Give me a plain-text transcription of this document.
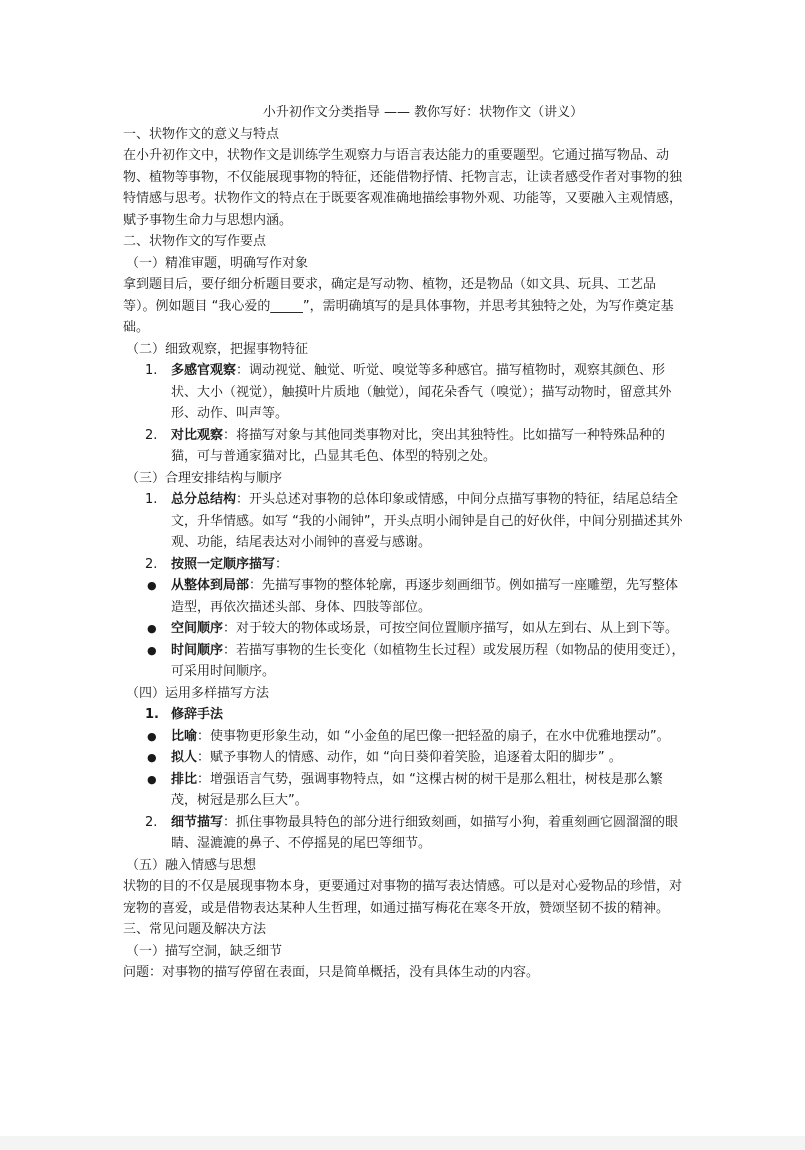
小升初作文分类指导 —— 教你写好：状物作文（讲义）

一、状物作文的意义与特点

在小升初作文中，状物作文是训练学生观察力与语言表达能力的重要题型。它通过描写物品、动物、植物等事物，不仅能展现事物的特征，还能借物抒情、托物言志，让读者感受作者对事物的独特情感与思考。状物作文的特点在于既要客观准确地描绘事物外观、功能等，又要融入主观情感，赋予事物生命力与思想内涵。

二、状物作文的写作要点

（一）精准审题，明确写作对象

拿到题目后，要仔细分析题目要求，确定是写动物、植物，还是物品（如文具、玩具、工艺品等）。例如题目 “我心爱的_____”，需明确填写的是具体事物，并思考其独特之处，为写作奠定基础。

（二）细致观察，把握事物特征

1. 多感官观察：调动视觉、触觉、听觉、嗅觉等多种感官。描写植物时，观察其颜色、形状、大小（视觉），触摸叶片质地（触觉），闻花朵香气（嗅觉）；描写动物时，留意其外形、动作、叫声等。
2. 对比观察：将描写对象与其他同类事物对比，突出其独特性。比如描写一种特殊品种的猫，可与普通家猫对比，凸显其毛色、体型的特别之处。

（三）合理安排结构与顺序

1. 总分总结构：开头总述对事物的总体印象或情感，中间分点描写事物的特征，结尾总结全文，升华情感。如写 “我的小闹钟”，开头点明小闹钟是自己的好伙伴，中间分别描述其外观、功能，结尾表达对小闹钟的喜爱与感谢。
2. 按照一定顺序描写：
● 从整体到局部：先描写事物的整体轮廓，再逐步刻画细节。例如描写一座雕塑，先写整体造型，再依次描述头部、身体、四肢等部位。
● 空间顺序：对于较大的物体或场景，可按空间位置顺序描写，如从左到右、从上到下等。
● 时间顺序：若描写事物的生长变化（如植物生长过程）或发展历程（如物品的使用变迁），可采用时间顺序。

（四）运用多样描写方法

1. 修辞手法
● 比喻：使事物更形象生动，如 “小金鱼的尾巴像一把轻盈的扇子，在水中优雅地摆动”。
● 拟人：赋予事物人的情感、动作，如 “向日葵仰着笑脸，追逐着太阳的脚步” 。
● 排比：增强语言气势，强调事物特点，如 “这棵古树的树干是那么粗壮，树枝是那么繁茂，树冠是那么巨大”。
2. 细节描写：抓住事物最具特色的部分进行细致刻画，如描写小狗，着重刻画它圆溜溜的眼睛、湿漉漉的鼻子、不停摇晃的尾巴等细节。

（五）融入情感与思想

状物的目的不仅是展现事物本身，更要通过对事物的描写表达情感。可以是对心爱物品的珍惜，对宠物的喜爱，或是借物表达某种人生哲理，如通过描写梅花在寒冬开放，赞颂坚韧不拔的精神。

三、常见问题及解决方法

（一）描写空洞，缺乏细节

问题：对事物的描写停留在表面，只是简单概括，没有具体生动的内容。
